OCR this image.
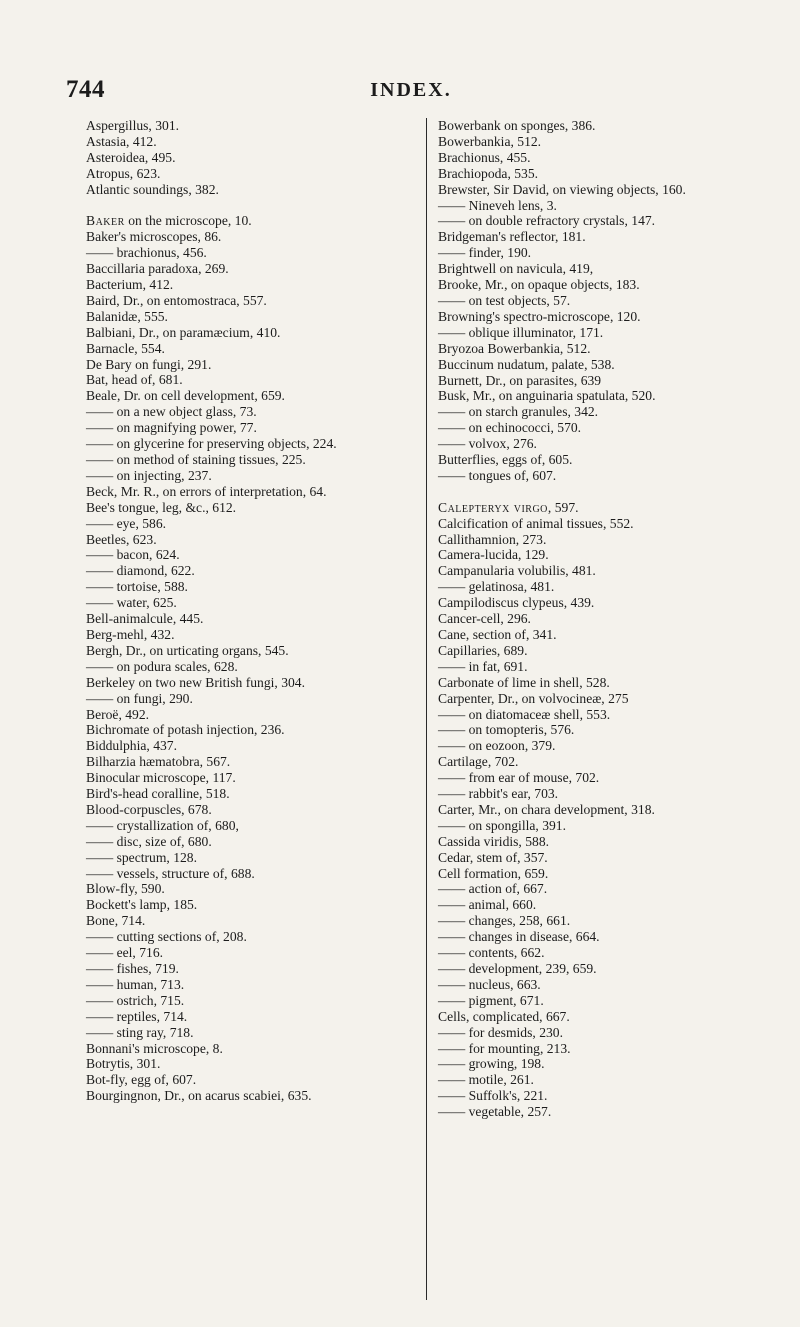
744	INDEX.
Aspergillus, 301.
Astasia, 412.
Asteroidea, 495.
Atropus, 623.
Atlantic soundings, 382.
Baker on the microscope, 10.
Baker's microscopes, 86.
—— brachionus, 456.
Baccillaria paradoxa, 269.
Bacterium, 412.
Baird, Dr., on entomostraca, 557.
Balanidæ, 555.
Balbiani, Dr., on paramæcium, 410.
Barnacle, 554.
De Bary on fungi, 291.
Bat, head of, 681.
Beale, Dr. on cell development, 659.
—— on a new object glass, 73.
—— on magnifying power, 77.
—— on glycerine for preserving objects, 224.
—— on method of staining tissues, 225.
—— on injecting, 237.
Beck, Mr. R., on errors of interpretation, 64.
Bee's tongue, leg, &c., 612.
—— eye, 586.
Beetles, 623.
—— bacon, 624.
—— diamond, 622.
—— tortoise, 588.
—— water, 625.
Bell-animalcule, 445.
Berg-mehl, 432.
Bergh, Dr., on urticating organs, 545.
—— on podura scales, 628.
Berkeley on two new British fungi, 304.
—— on fungi, 290.
Beroë, 492.
Bichromate of potash injection, 236.
Biddulphia, 437.
Bilharzia hæmatobra, 567.
Binocular microscope, 117.
Bird's-head coralline, 518.
Blood-corpuscles, 678.
—— crystallization of, 680,
—— disc, size of, 680.
—— spectrum, 128.
—— vessels, structure of, 688.
Blow-fly, 590.
Bockett's lamp, 185.
Bone, 714.
—— cutting sections of, 208.
—— eel, 716.
—— fishes, 719.
—— human, 713.
—— ostrich, 715.
—— reptiles, 714.
—— sting ray, 718.
Bonnani's microscope, 8.
Botrytis, 301.
Bot-fly, egg of, 607.
Bourgingnon, Dr., on acarus scabiei, 635.
Bowerbank on sponges, 386.
Bowerbankia, 512.
Brachionus, 455.
Brachiopoda, 535.
Brewster, Sir David, on viewing objects, 160.
—— Nineveh lens, 3.
—— on double refractory crystals, 147.
Bridgeman's reflector, 181.
—— finder, 190.
Brightwell on navicula, 419,
Brooke, Mr., on opaque objects, 183.
—— on test objects, 57.
Browning's spectro-microscope, 120.
—— oblique illuminator, 171.
Bryozoa Bowerbankia, 512.
Buccinum nudatum, palate, 538.
Burnett, Dr., on parasites, 639
Busk, Mr., on anguinaria spatulata, 520.
—— on starch granules, 342.
—— on echinococci, 570.
—— volvox, 276.
Butterflies, eggs of, 605.
—— tongues of, 607.
Calepteryx virgo, 597.
Calcification of animal tissues, 552.
Callithamnion, 273.
Camera-lucida, 129.
Campanularia volubilis, 481.
—— gelatinosa, 481.
Campilodiscus clypeus, 439.
Cancer-cell, 296.
Cane, section of, 341.
Capillaries, 689.
—— in fat, 691.
Carbonate of lime in shell, 528.
Carpenter, Dr., on volvocineæ, 275
—— on diatomaceæ shell, 553.
—— on tomopteris, 576.
—— on eozoon, 379.
Cartilage, 702.
—— from ear of mouse, 702.
—— rabbit's ear, 703.
Carter, Mr., on chara development, 318.
—— on spongilla, 391.
Cassida viridis, 588.
Cedar, stem of, 357.
Cell formation, 659.
—— action of, 667.
—— animal, 660.
—— changes, 258, 661.
—— changes in disease, 664.
—— contents, 662.
—— development, 239, 659.
—— nucleus, 663.
—— pigment, 671.
Cells, complicated, 667.
—— for desmids, 230.
—— for mounting, 213.
—— growing, 198.
—— motile, 261.
—— Suffolk's, 221.
—— vegetable, 257.
